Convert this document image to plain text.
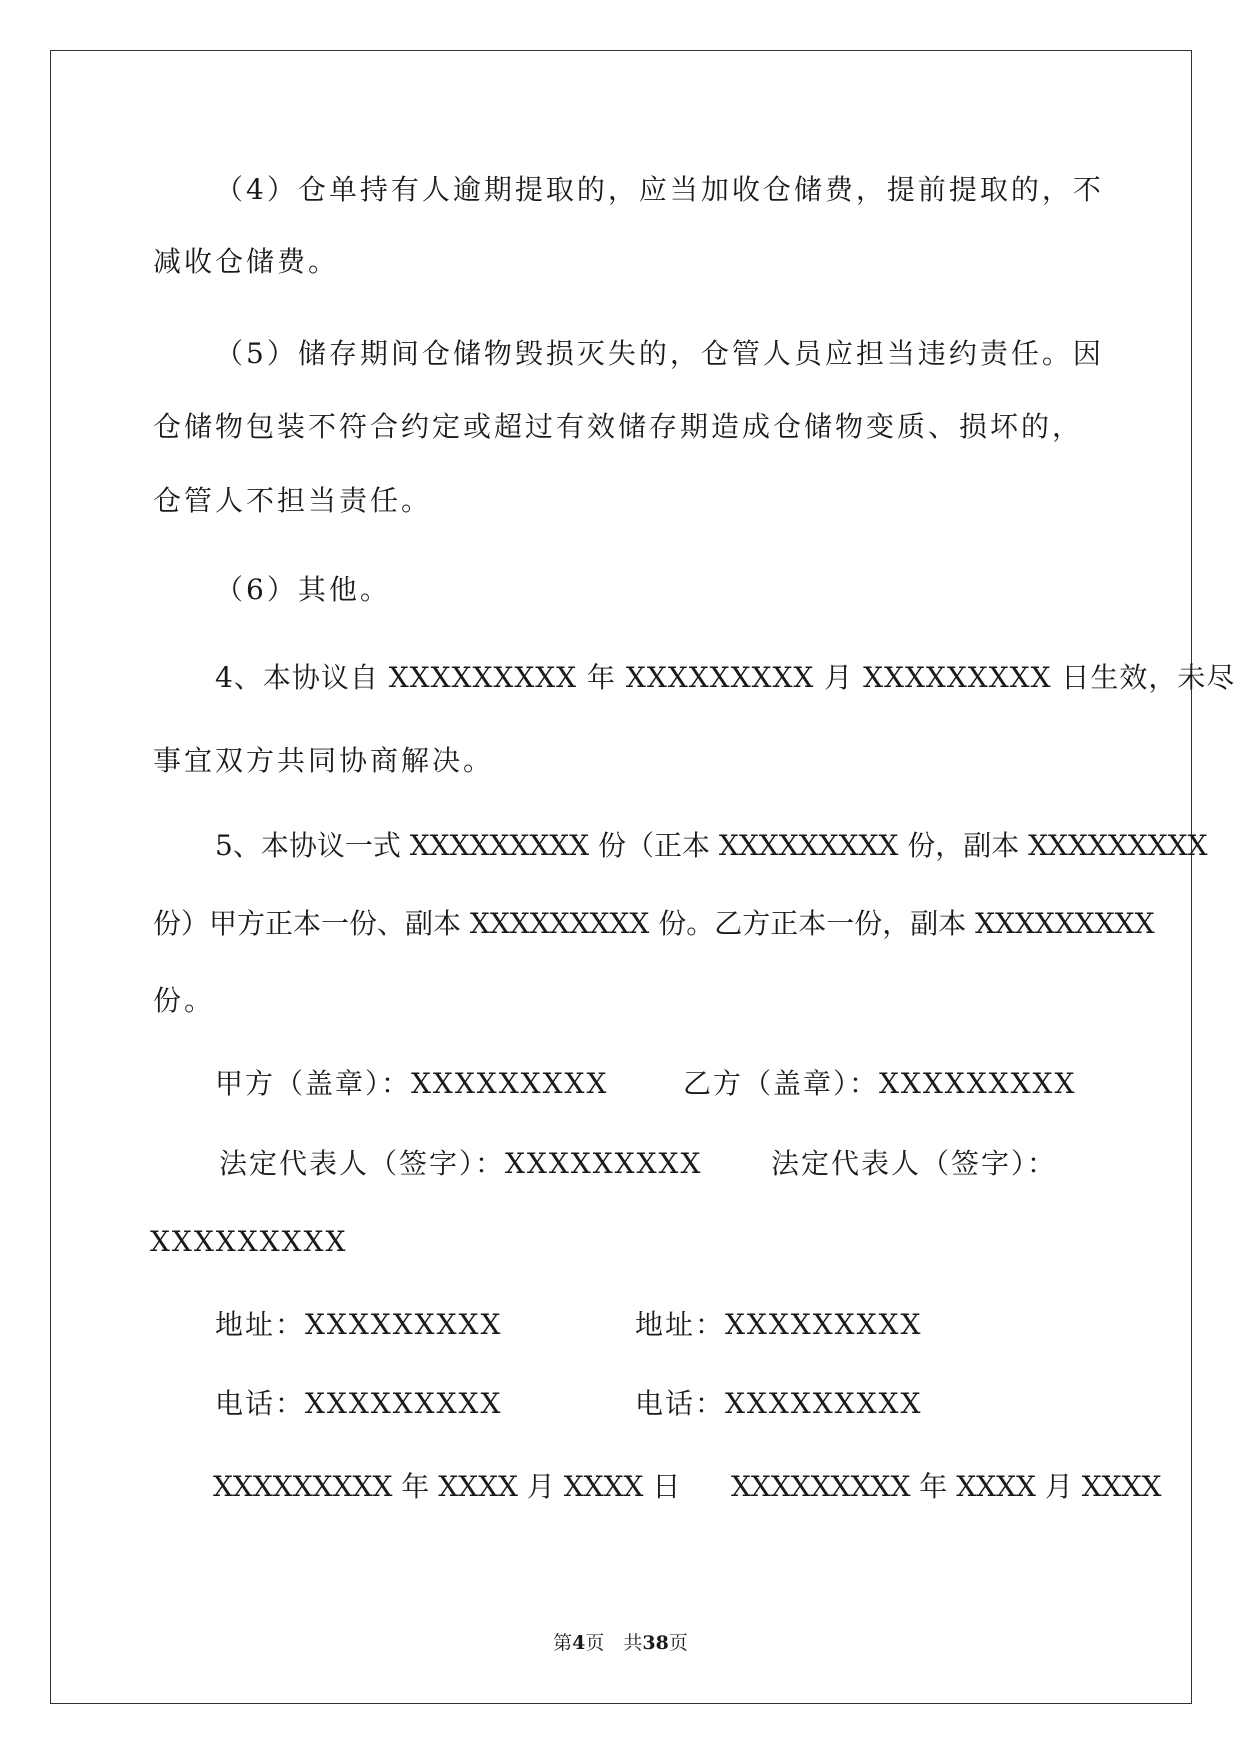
（4）仓单持有人逾期提取的，应当加收仓储费，提前提取的，不
减收仓储费。
（5）储存期间仓储物毁损灭失的，仓管人员应担当违约责任。因
仓储物包装不符合约定或超过有效储存期造成仓储物变质、损坏的，
仓管人不担当责任。
（6）其他。
4、本协议自 XXXXXXXXX 年 XXXXXXXXX 月 XXXXXXXXX 日生效，未尽
事宜双方共同协商解决。
5、本协议一式 XXXXXXXXX 份（正本 XXXXXXXXX 份，副本 XXXXXXXXX
份）甲方正本一份、副本 XXXXXXXXX 份。乙方正本一份，副本 XXXXXXXXX
份。
甲方（盖章）：XXXXXXXXX	乙方（盖章）：XXXXXXXXX
法定代表人（签字）：XXXXXXXXX 法定代表人（签字）：
XXXXXXXXX
地址：XXXXXXXXX	地址：XXXXXXXXX
电话：XXXXXXXXX	电话：XXXXXXXXX
XXXXXXXXX 年 XXXX 月 XXXX 日 XXXXXXXXX 年 XXXX 月 XXXX
第4页　共38页
